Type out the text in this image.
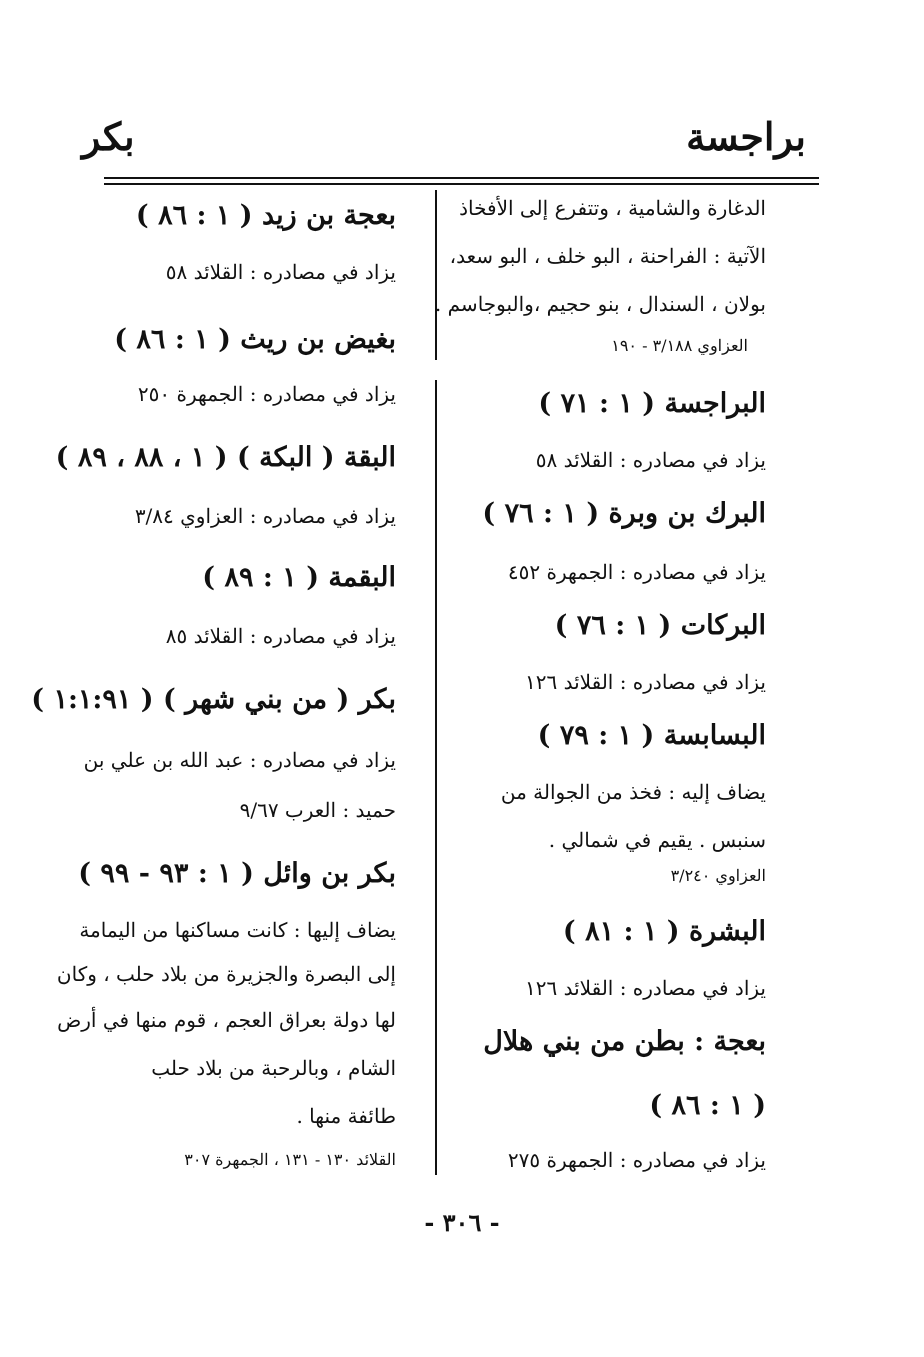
براجسة
بكر
الدغارة والشامية ، وتتفرع إلى الأفخاذ
الآتية : الفراحنة ، البو خلف ، البو سعد،
بولان ، السندال ، بنو حجيم ،والبوجاسم .
العزاوي ٣/١٨٨ - ١٩٠
البراجسة ( ١ : ٧١ )
يزاد في مصادره : القلائد ٥٨
البرك بن وبرة ( ١ : ٧٦ )
يزاد في مصادره : الجمهرة ٤٥٢
البركات ( ١ : ٧٦ )
يزاد في مصادره : القلائد ١٢٦
البسابسة ( ١ : ٧٩ )
يضاف إليه : فخذ من الجوالة من
سنبس . يقيم في شمالي .
العزاوي ٣/٢٤٠
البشرة ( ١ : ٨١ )
يزاد في مصادره : القلائد ١٢٦
بعجة : بطن من بني هلال
( ١ : ٨٦ )
يزاد في مصادره : الجمهرة ٢٧٥
بعجة بن زيد ( ١ : ٨٦ )
يزاد في مصادره : القلائد ٥٨
بغيض بن ريث ( ١ : ٨٦ )
يزاد في مصادره : الجمهرة ٢٥٠
البقة ( البكة ) ( ١ ، ٨٨ ، ٨٩ )
يزاد في مصادره : العزاوي ٣/٨٤
البقمة ( ١ : ٨٩ )
يزاد في مصادره : القلائد ٨٥
بكر ( من بني شهر ) ( ١:١:٩١ )
يزاد في مصادره : عبد الله بن علي بن
حميد : العرب ٩/٦٧
بكر بن وائل ( ١ : ٩٣ - ٩٩ )
يضاف إليها : كانت مساكنها من اليمامة
إلى البصرة والجزيرة من بلاد حلب ، وكان
لها دولة بعراق العجم ، قوم منها في أرض
الشام ، وبالرحبة من بلاد حلب
طائفة منها .
القلائد ١٣٠ - ١٣١ ، الجمهرة ٣٠٧
- ٣٠٦ -
